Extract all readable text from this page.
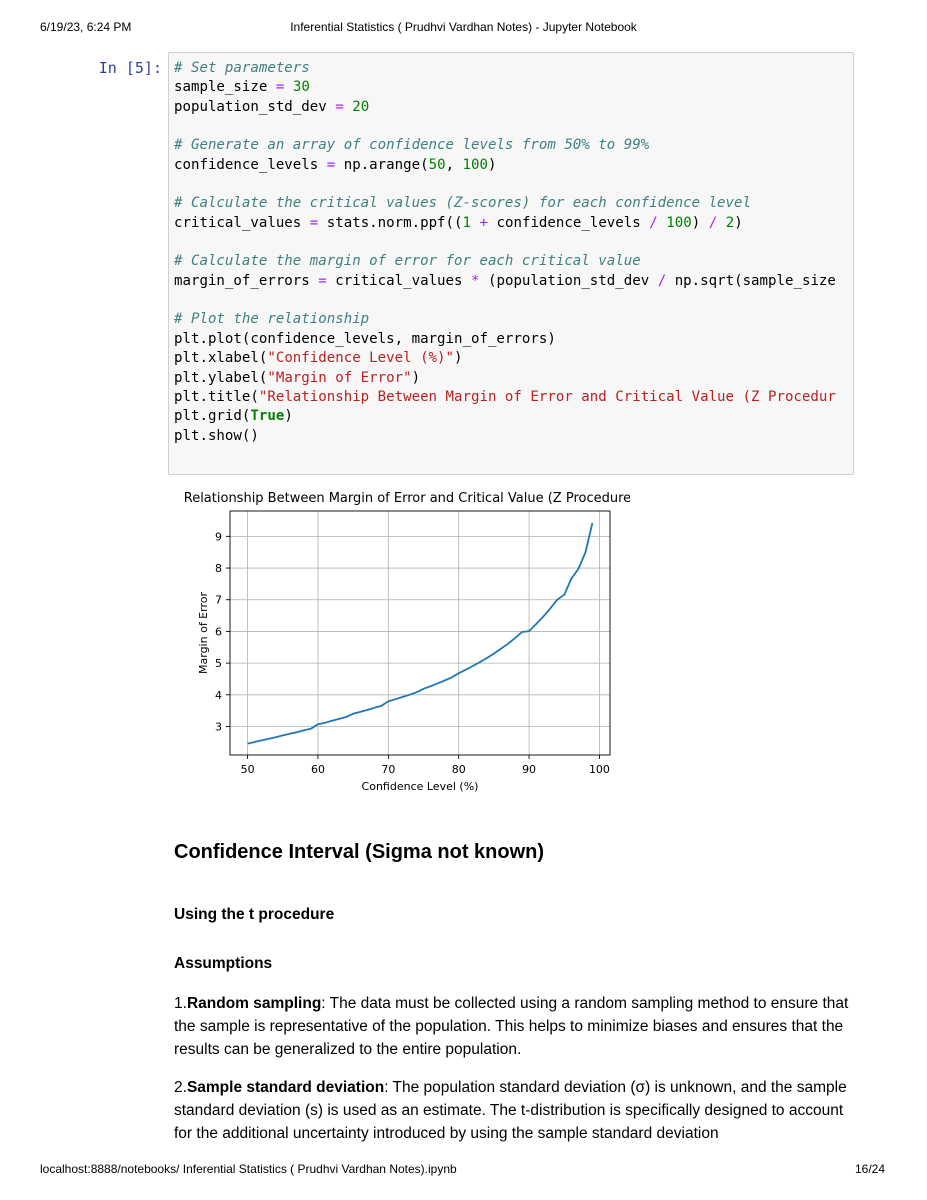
6/19/23, 6:24 PM	Inferential Statistics ( Prudhvi Vardhan Notes) - Jupyter Notebook
In [5]: # Set parameters
sample_size = 30
population_std_dev = 20

# Generate an array of confidence levels from 50% to 99%
confidence_levels = np.arange(50, 100)

# Calculate the critical values (Z-scores) for each confidence level
critical_values = stats.norm.ppf((1 + confidence_levels / 100) / 2)

# Calculate the margin of error for each critical value
margin_of_errors = critical_values * (population_std_dev / np.sqrt(sample_size

# Plot the relationship
plt.plot(confidence_levels, margin_of_errors)
plt.xlabel("Confidence Level (%)")
plt.ylabel("Margin of Error")
plt.title("Relationship Between Margin of Error and Critical Value (Z Procedur
plt.grid(True)
plt.show()
50	60	70	80	90	100
3
4
5
6
7
8
9
Relationship Between Margin of Error and Critical Value (Z Procedure)
Confidence Level (%)
Margin of Error
Confidence Interval (Sigma not known)
Using the t procedure
Assumptions
1.Random sampling: The data must be collected using a random sampling method to ensure that the sample is representative of the population. This helps to minimize biases and ensures that the results can be generalized to the entire population.
2.Sample standard deviation: The population standard deviation (σ) is unknown, and the sample standard deviation (s) is used as an estimate. The t-distribution is specifically designed to account for the additional uncertainty introduced by using the sample standard deviation
localhost:8888/notebooks/ Inferential Statistics ( Prudhvi Vardhan Notes).ipynb	16/24
